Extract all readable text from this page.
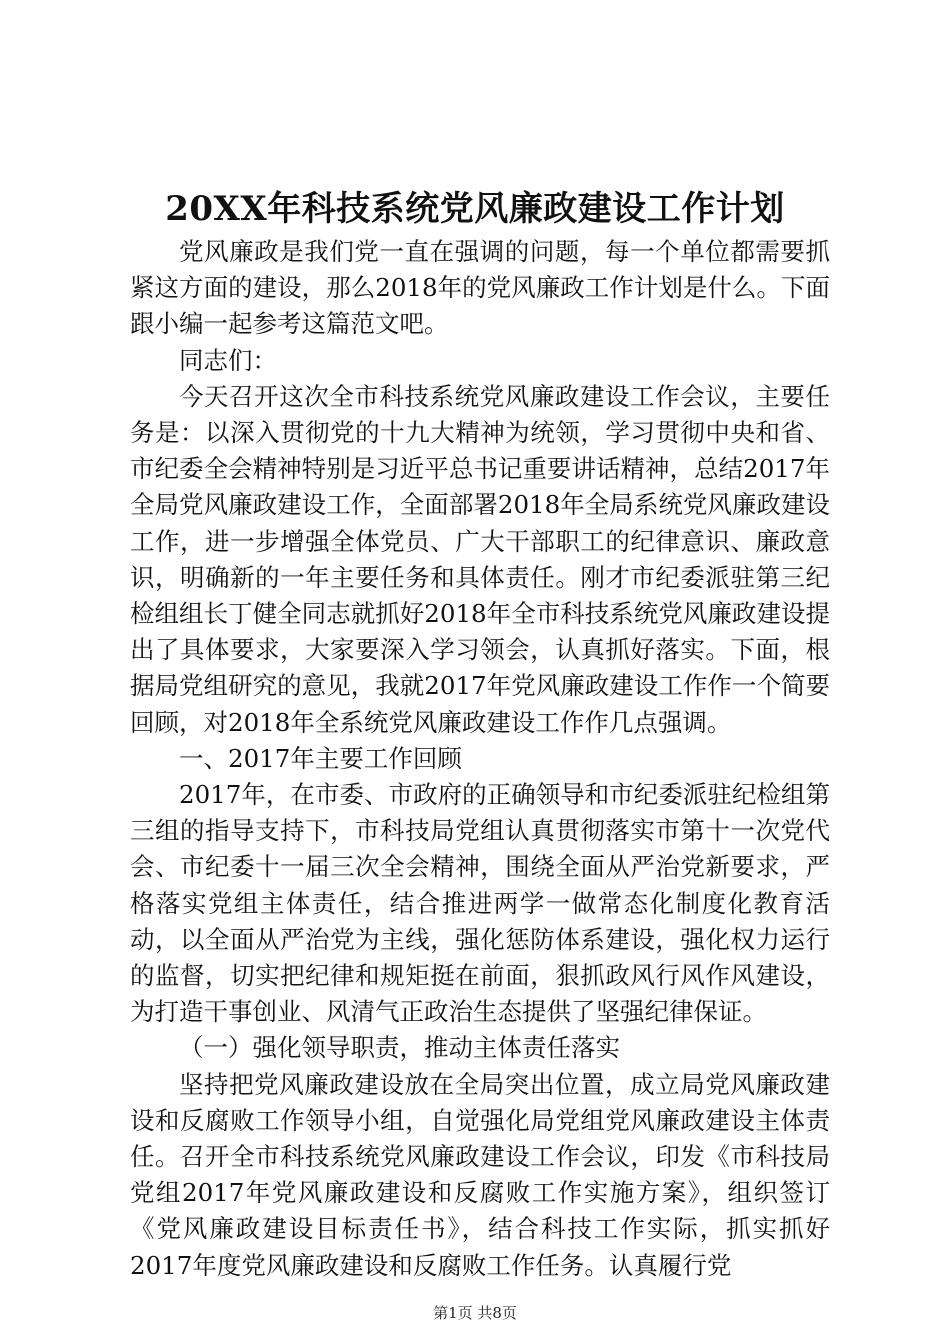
20XX年科技系统党风廉政建设工作计划

党风廉政是我们党一直在强调的问题，每一个单位都需要抓紧这方面的建设，那么2018年的党风廉政工作计划是什么。下面跟小编一起参考这篇范文吧。

同志们：

今天召开这次全市科技系统党风廉政建设工作会议，主要任务是：以深入贯彻党的十九大精神为统领，学习贯彻中央和省、市纪委全会精神特别是习近平总书记重要讲话精神，总结2017年全局党风廉政建设工作，全面部署2018年全局系统党风廉政建设工作，进一步增强全体党员、广大干部职工的纪律意识、廉政意识，明确新的一年主要任务和具体责任。刚才市纪委派驻第三纪检组组长丁健全同志就抓好2018年全市科技系统党风廉政建设提出了具体要求，大家要深入学习领会，认真抓好落实。下面，根据局党组研究的意见，我就2017年党风廉政建设工作作一个简要回顾，对2018年全系统党风廉政建设工作作几点强调。

一、2017年主要工作回顾

2017年，在市委、市政府的正确领导和市纪委派驻纪检组第三组的指导支持下，市科技局党组认真贯彻落实市第十一次党代会、市纪委十一届三次全会精神，围绕全面从严治党新要求，严格落实党组主体责任，结合推进两学一做常态化制度化教育活动，以全面从严治党为主线，强化惩防体系建设，强化权力运行的监督，切实把纪律和规矩挺在前面，狠抓政风行风作风建设，为打造干事创业、风清气正政治生态提供了坚强纪律保证。

（一）强化领导职责，推动主体责任落实

坚持把党风廉政建设放在全局突出位置，成立局党风廉政建设和反腐败工作领导小组，自觉强化局党组党风廉政建设主体责任。召开全市科技系统党风廉政建设工作会议，印发《市科技局党组2017年党风廉政建设和反腐败工作实施方案》，组织签订《党风廉政建设目标责任书》，结合科技工作实际，抓实抓好2017年度党风廉政建设和反腐败工作任务。认真履行党

第1页 共8页
